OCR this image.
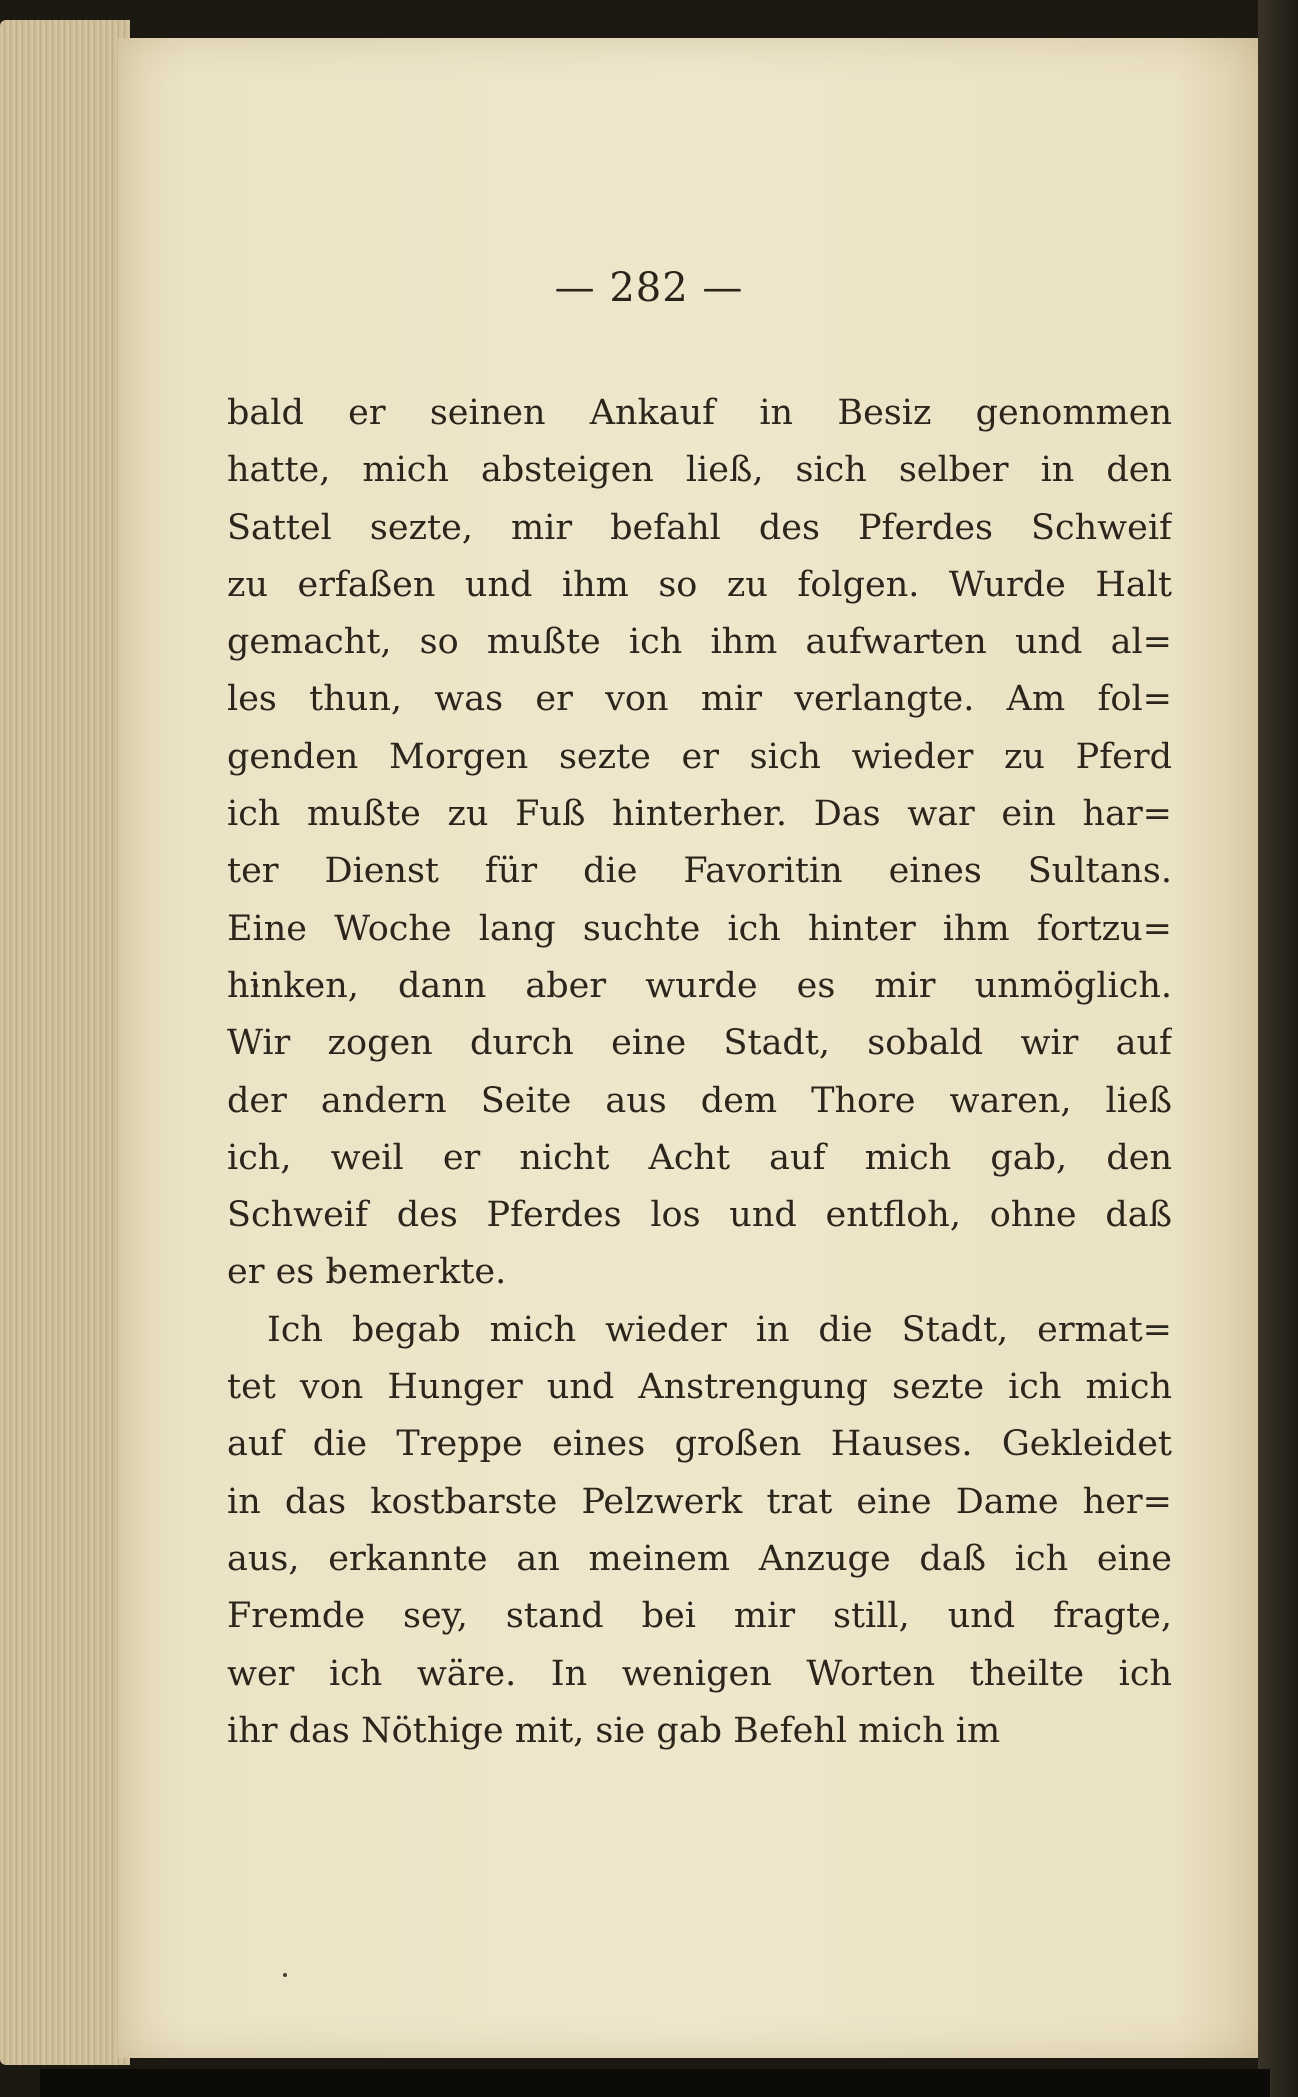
— 282 —
bald er seinen Ankauf in Besiz genommen
hatte, mich absteigen ließ, sich selber in den
Sattel sezte, mir befahl des Pferdes Schweif
zu erfaßen und ihm so zu folgen. Wurde Halt
gemacht, so mußte ich ihm aufwarten und al=
les thun, was er von mir verlangte. Am fol=
genden Morgen sezte er sich wieder zu Pferd
ich mußte zu Fuß hinterher. Das war ein har=
ter Dienst für die Favoritin eines Sultans.
Eine Woche lang suchte ich hinter ihm fortzu=
hinken, dann aber wurde es mir unmöglich.
Wir zogen durch eine Stadt, sobald wir auf
der andern Seite aus dem Thore waren, ließ
ich, weil er nicht Acht auf mich gab, den
Schweif des Pferdes los und entfloh, ohne daß
er es bemerkte.
Ich begab mich wieder in die Stadt, ermat=
tet von Hunger und Anstrengung sezte ich mich
auf die Treppe eines großen Hauses. Gekleidet
in das kostbarste Pelzwerk trat eine Dame her=
aus, erkannte an meinem Anzuge daß ich eine
Fremde sey, stand bei mir still, und fragte,
wer ich wäre. In wenigen Worten theilte ich
ihr das Nöthige mit, sie gab Befehl mich im
